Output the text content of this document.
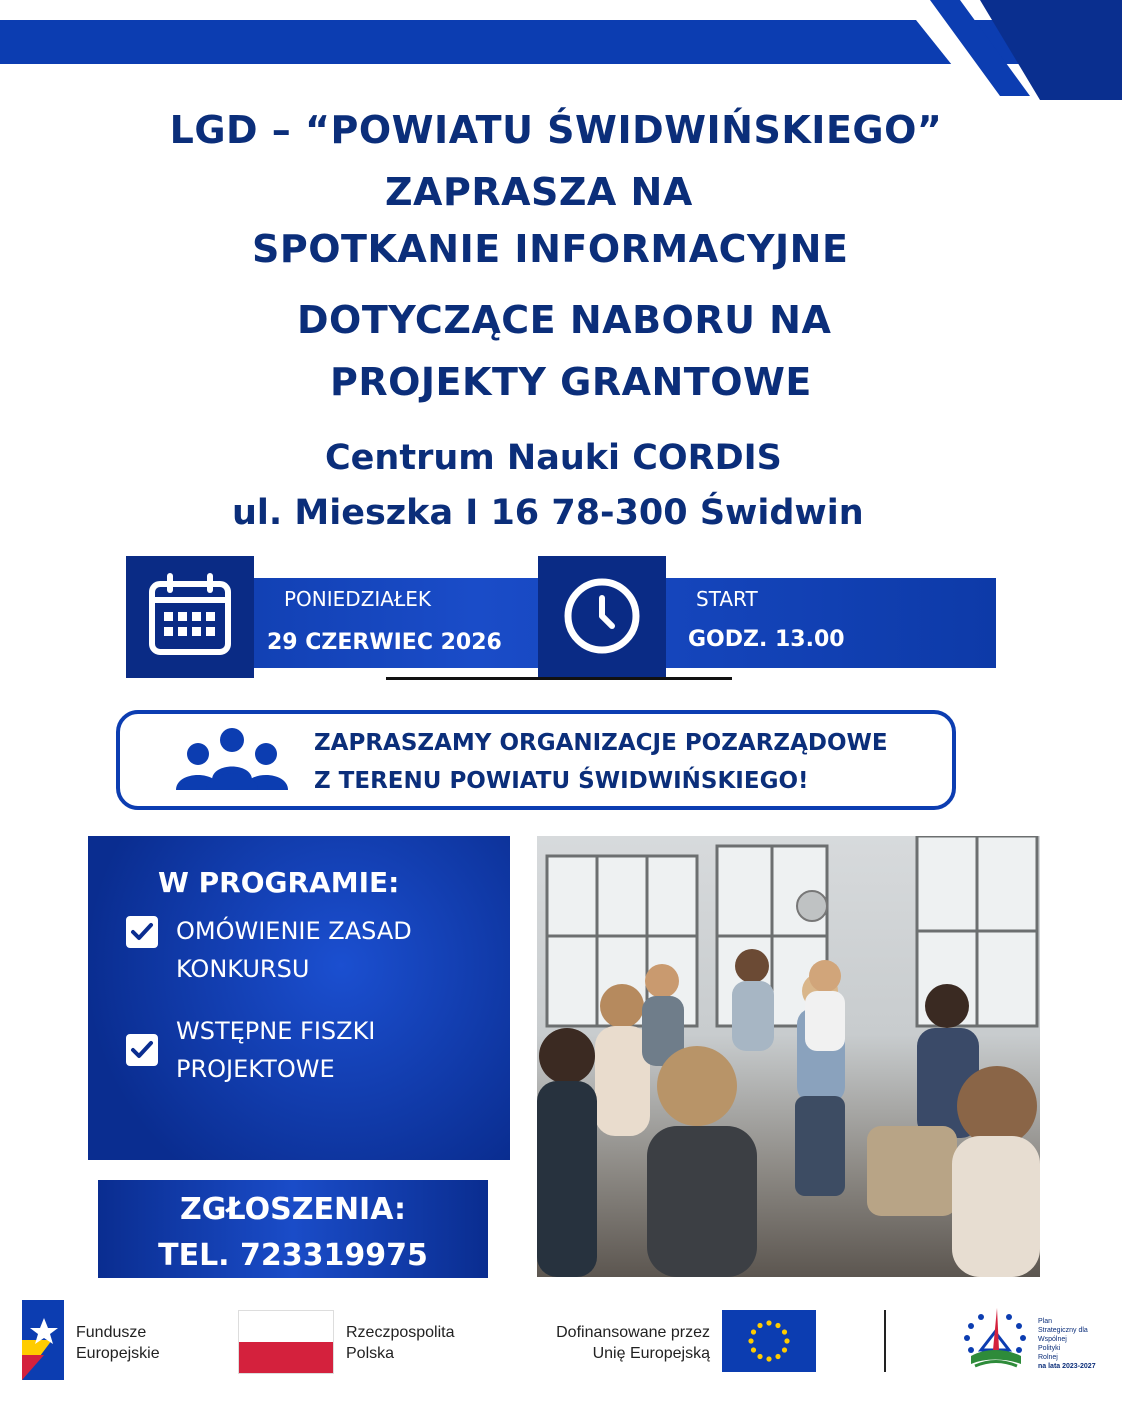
LGD – “POWIATU ŚWIDWIŃSKIEGO”
ZAPRASZA NA
SPOTKANIE INFORMACYJNE
DOTYCZĄCE NABORU NA
PROJEKTY GRANTOWE
Centrum Nauki CORDIS
ul. Mieszka I 16 78-300 Świdwin
PONIEDZIAŁEK
29 CZERWIEC 2026
START
GODZ. 13.00
ZAPRASZAMY ORGANIZACJE POZARZĄDOWE
Z TERENU POWIATU ŚWIDWIŃSKIEGO!
W PROGRAMIE:
OMÓWIENIE ZASAD
KONKURSU
WSTĘPNE FISZKI
PROJEKTOWE
ZGŁOSZENIA:
TEL. 723319975
Fundusze
Europejskie
Rzeczpospolita
Polska
Dofinansowane przez
Unię Europejską
Plan
Strategiczny dla
Wspólnej
Polityki
Rolnej
na lata 2023-2027
